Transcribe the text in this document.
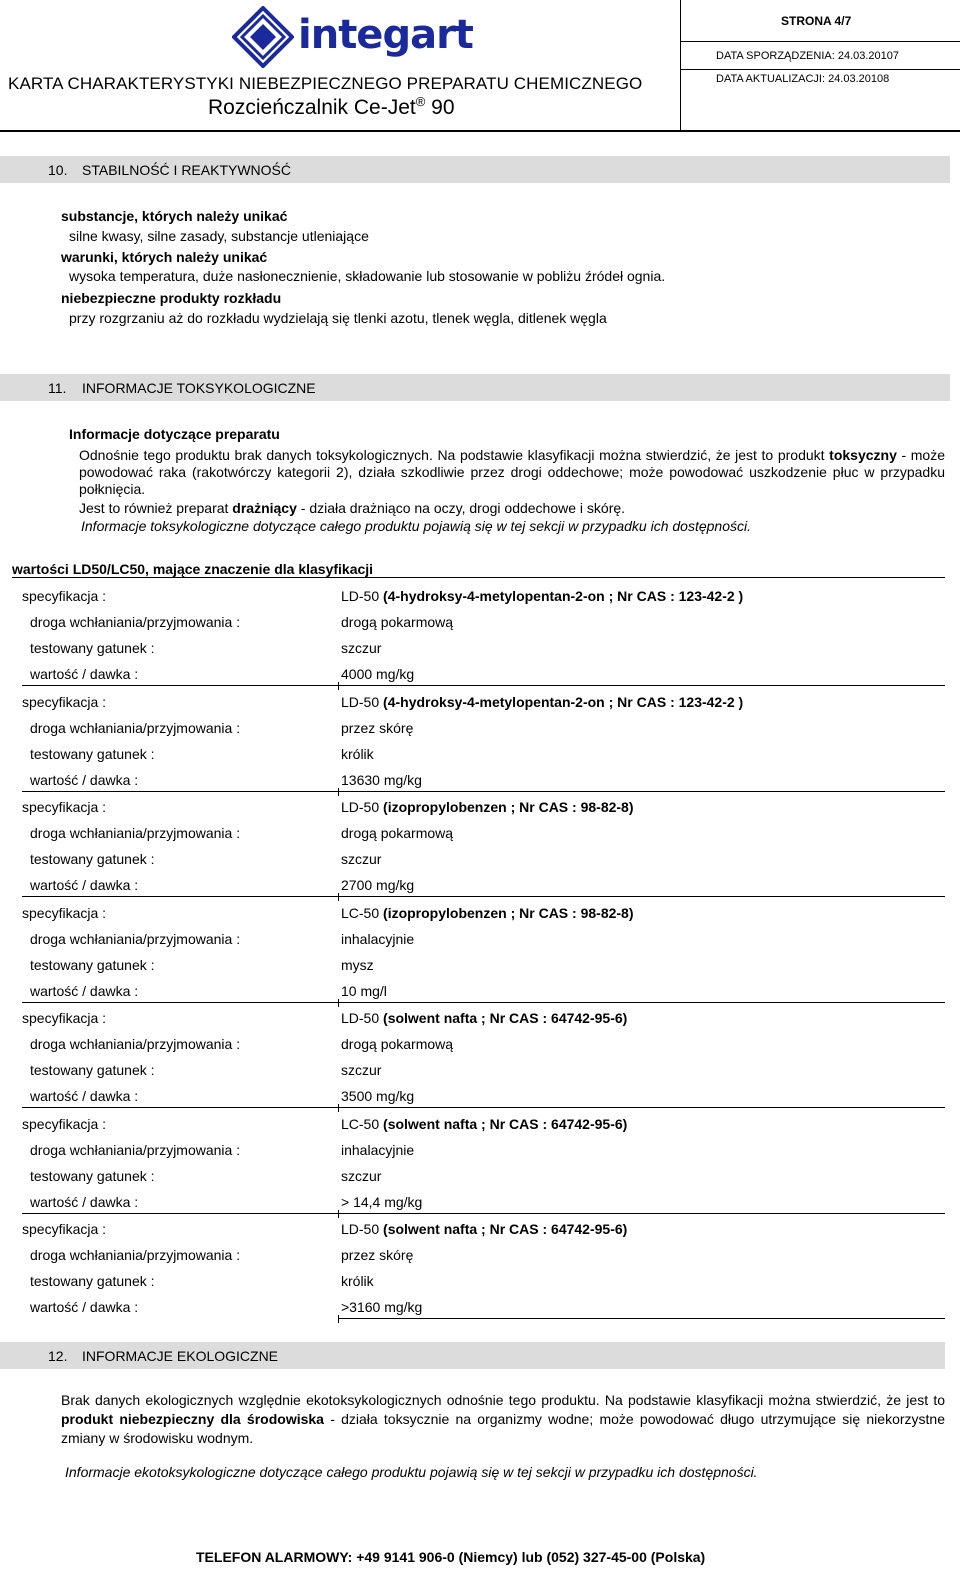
integart
KARTA CHARAKTERYSTYKI NIEBEZPIECZNEGO PREPARATU CHEMICZNEGO
Rozcieńczalnik Ce-Jet® 90
STRONA 4/7
DATA SPORZĄDZENIA: 24.03.20107
DATA AKTUALIZACJI: 24.03.20108
10. STABILNOŚĆ I REAKTYWNOŚĆ
substancje, których należy unikać
silne kwasy, silne zasady, substancje utleniające
warunki, których należy unikać
wysoka temperatura, duże nasłonecznienie, składowanie lub stosowanie w pobliżu źródeł ognia.
niebezpieczne produkty rozkładu
przy rozgrzaniu aż do rozkładu wydzielają się tlenki azotu, tlenek węgla, ditlenek węgla
11. INFORMACJE TOKSYKOLOGICZNE
Informacje dotyczące preparatu
Odnośnie tego produktu brak danych toksykologicznych. Na podstawie klasyfikacji można stwierdzić, że jest to produkt toksyczny - może powodować raka (rakotwórczy kategorii 2), działa szkodliwie przez drogi oddechowe; może powodować uszkodzenie płuc w przypadku połknięcia.
Jest to również preparat drażniący - działa drażniąco na oczy, drogi oddechowe i skórę.
Informacje toksykologiczne dotyczące całego produktu pojawią się w tej sekcji w przypadku ich dostępności.
wartości LD50/LC50, mające znaczenie dla klasyfikacji
specyfikacja :
droga wchłaniania/przyjmowania :
testowany gatunek :
wartość / dawka :
LD-50 (4-hydroksy-4-metylopentan-2-on ; Nr CAS : 123-42-2 )
drogą pokarmową
szczur
4000 mg/kg
specyfikacja :
droga wchłaniania/przyjmowania :
testowany gatunek :
wartość / dawka :
LD-50 (4-hydroksy-4-metylopentan-2-on ; Nr CAS : 123-42-2 )
przez skórę
królik
13630 mg/kg
specyfikacja :
droga wchłaniania/przyjmowania :
testowany gatunek :
wartość / dawka :
LD-50 (izopropylobenzen ; Nr CAS : 98-82-8)
drogą pokarmową
szczur
2700 mg/kg
specyfikacja :
droga wchłaniania/przyjmowania :
testowany gatunek :
wartość / dawka :
LC-50 (izopropylobenzen ; Nr CAS : 98-82-8)
inhalacyjnie
mysz
10 mg/l
specyfikacja :
droga wchłaniania/przyjmowania :
testowany gatunek :
wartość / dawka :
LD-50 (solwent nafta ; Nr CAS : 64742-95-6)
drogą pokarmową
szczur
3500 mg/kg
specyfikacja :
droga wchłaniania/przyjmowania :
testowany gatunek :
wartość / dawka :
LC-50 (solwent nafta ; Nr CAS : 64742-95-6)
inhalacyjnie
szczur
> 14,4 mg/kg
specyfikacja :
droga wchłaniania/przyjmowania :
testowany gatunek :
wartość / dawka :
LD-50 (solwent nafta ; Nr CAS : 64742-95-6)
przez skórę
królik
>3160 mg/kg
12. INFORMACJE EKOLOGICZNE
Brak danych ekologicznych względnie ekotoksykologicznych odnośnie tego produktu. Na podstawie klasyfikacji można stwierdzić, że jest to produkt niebezpieczny dla środowiska - działa toksycznie na organizmy wodne; może powodować długo utrzymujące się niekorzystne zmiany w środowisku wodnym.
Informacje ekotoksykologiczne dotyczące całego produktu pojawią się w tej sekcji w przypadku ich dostępności.
TELEFON ALARMOWY: +49 9141 906-0 (Niemcy) lub (052) 327-45-00 (Polska)
